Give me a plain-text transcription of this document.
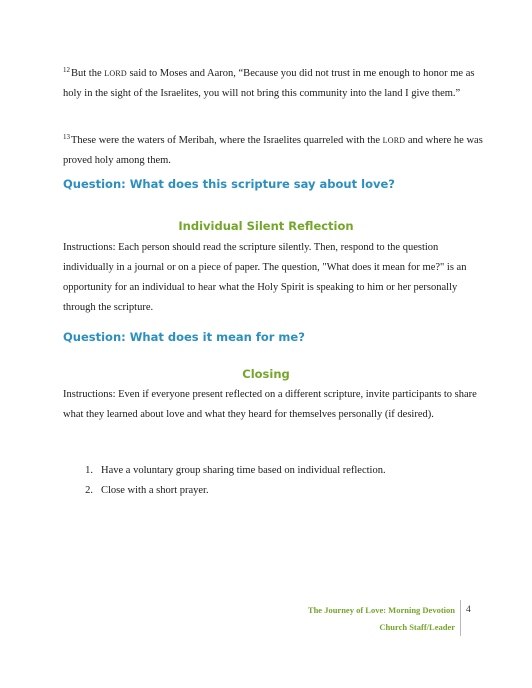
$^{12}$But the LORD said to Moses and Aaron, “Because you did not trust in me enough to honor me as holy in the sight of the Israelites, you will not bring this community into the land I give them.”

$^{13}$These were the waters of Meribah, where the Israelites quarreled with the LORD and where he was proved holy among them.

Question: What does this scripture say about love?

Individual Silent Reflection

Instructions: Each person should read the scripture silently. Then, respond to the question individually in a journal or on a piece of paper. The question, "What does it mean for me?" is an opportunity for an individual to hear what the Holy Spirit is speaking to him or her personally through the scripture.

Question: What does it mean for me?

Closing

Instructions: Even if everyone present reflected on a different scripture, invite participants to share what they learned about love and what they heard for themselves personally (if desired).

1. Have a voluntary group sharing time based on individual reflection.
2. Close with a short prayer.
The Journey of Love: Morning Devotion
Church Staff/Leader
4
